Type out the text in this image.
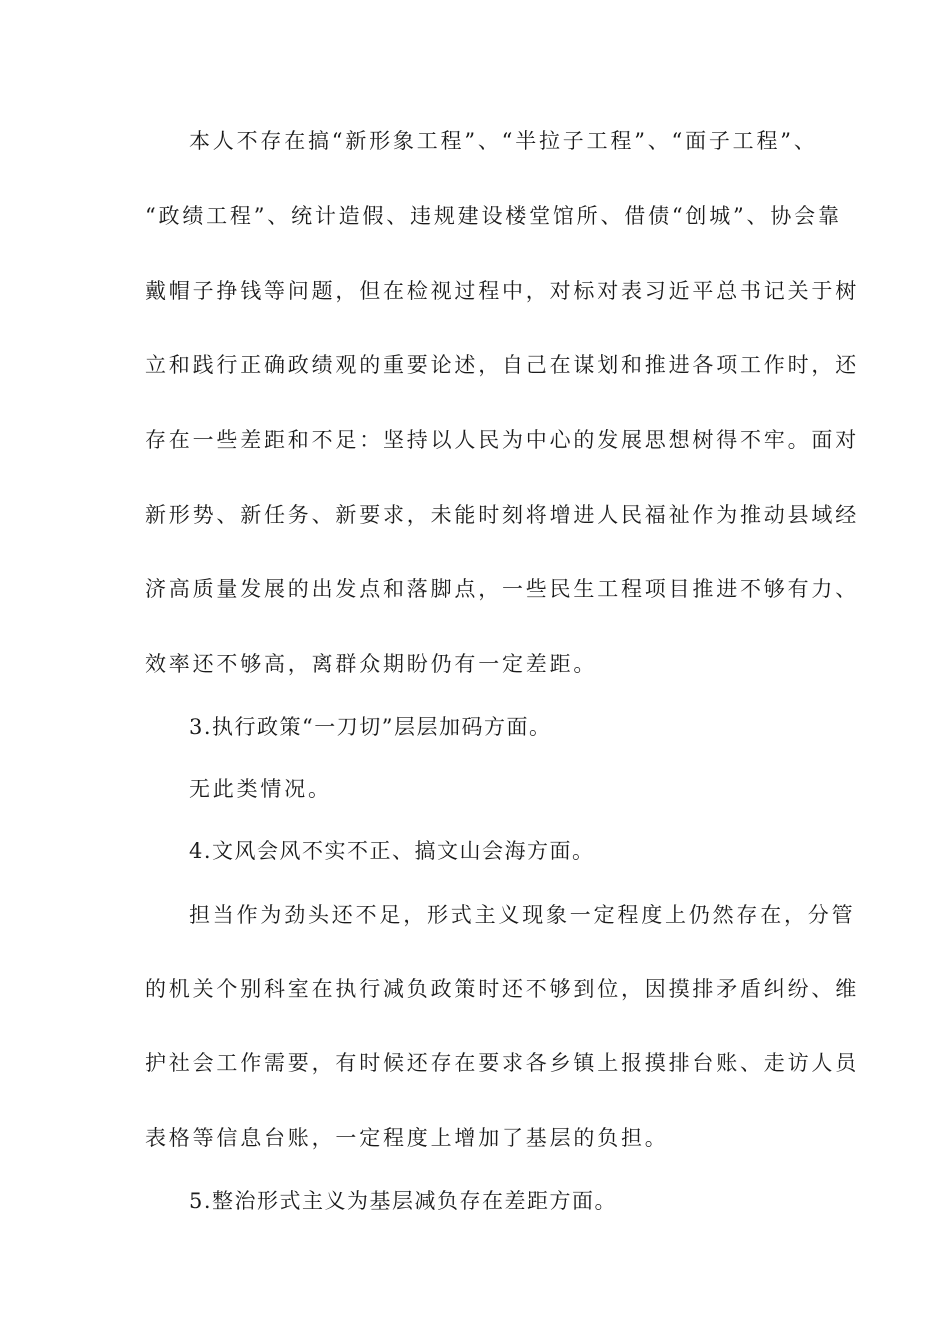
本人不存在搞“新形象工程”、“半拉子工程”、“面子工程”、
“政绩工程”、统计造假、违规建设楼堂馆所、借债“创城”、协会靠
戴帽子挣钱等问题，但在检视过程中，对标对表习近平总书记关于树
立和践行正确政绩观的重要论述，自己在谋划和推进各项工作时，还
存在一些差距和不足：坚持以人民为中心的发展思想树得不牢。面对
新形势、新任务、新要求，未能时刻将增进人民福祉作为推动县域经
济高质量发展的出发点和落脚点，一些民生工程项目推进不够有力、
效率还不够高，离群众期盼仍有一定差距。
3.执行政策“一刀切”层层加码方面。
无此类情况。
4.文风会风不实不正、搞文山会海方面。
担当作为劲头还不足，形式主义现象一定程度上仍然存在，分管
的机关个别科室在执行减负政策时还不够到位，因摸排矛盾纠纷、维
护社会工作需要，有时候还存在要求各乡镇上报摸排台账、走访人员
表格等信息台账，一定程度上增加了基层的负担。
5.整治形式主义为基层减负存在差距方面。
